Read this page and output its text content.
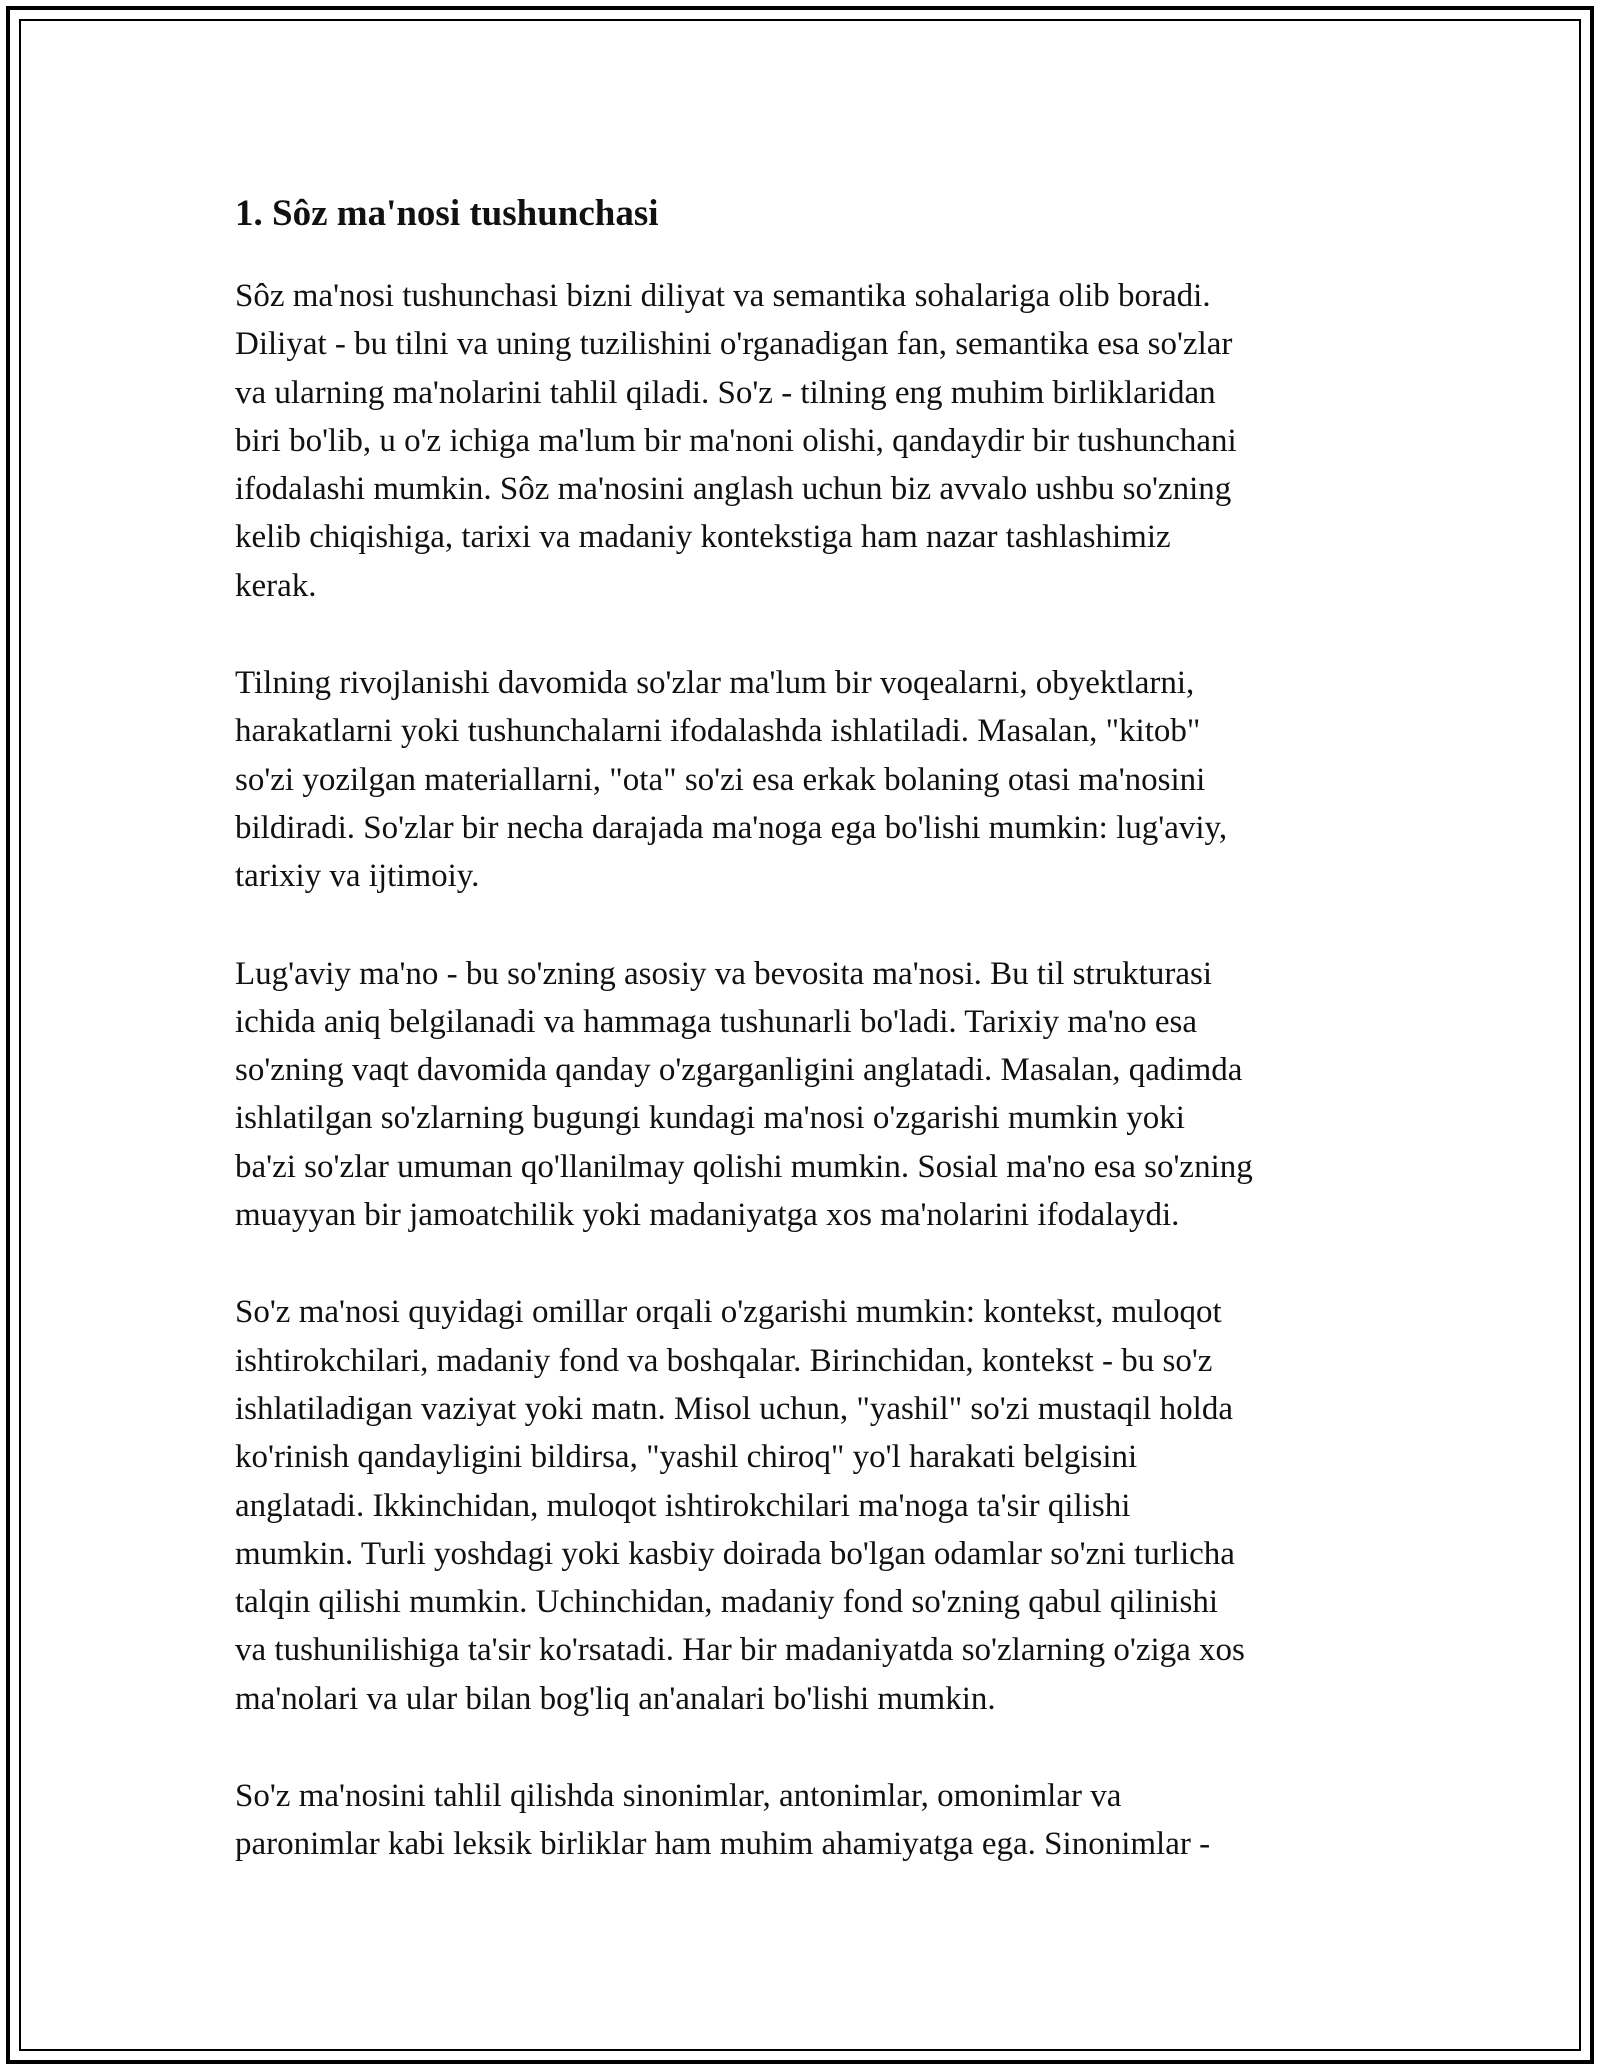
1. Sôz ma'nosi tushunchasi

Sôz ma'nosi tushunchasi bizni diliyat va semantika sohalariga olib boradi.
Diliyat - bu tilni va uning tuzilishini o'rganadigan fan, semantika esa so'zlar
va ularning ma'nolarini tahlil qiladi. So'z - tilning eng muhim birliklaridan
biri bo'lib, u o'z ichiga ma'lum bir ma'noni olishi, qandaydir bir tushunchani
ifodalashi mumkin. Sôz ma'nosini anglash uchun biz avvalo ushbu so'zning
kelib chiqishiga, tarixi va madaniy kontekstiga ham nazar tashlashimiz
kerak.

Tilning rivojlanishi davomida so'zlar ma'lum bir voqealarni, obyektlarni,
harakatlarni yoki tushunchalarni ifodalashda ishlatiladi. Masalan, "kitob"
so'zi yozilgan materiallarni, "ota" so'zi esa erkak bolaning otasi ma'nosini
bildiradi. So'zlar bir necha darajada ma'noga ega bo'lishi mumkin: lug'aviy,
tarixiy va ijtimoiy.

Lug'aviy ma'no - bu so'zning asosiy va bevosita ma'nosi. Bu til strukturasi
ichida aniq belgilanadi va hammaga tushunarli bo'ladi. Tarixiy ma'no esa
so'zning vaqt davomida qanday o'zgarganligini anglatadi. Masalan, qadimda
ishlatilgan so'zlarning bugungi kundagi ma'nosi o'zgarishi mumkin yoki
ba'zi so'zlar umuman qo'llanilmay qolishi mumkin. Sosial ma'no esa so'zning
muayyan bir jamoatchilik yoki madaniyatga xos ma'nolarini ifodalaydi.

So'z ma'nosi quyidagi omillar orqali o'zgarishi mumkin: kontekst, muloqot
ishtirokchilari, madaniy fond va boshqalar. Birinchidan, kontekst - bu so'z
ishlatiladigan vaziyat yoki matn. Misol uchun, "yashil" so'zi mustaqil holda
ko'rinish qandayligini bildirsa, "yashil chiroq" yo'l harakati belgisini
anglatadi. Ikkinchidan, muloqot ishtirokchilari ma'noga ta'sir qilishi
mumkin. Turli yoshdagi yoki kasbiy doirada bo'lgan odamlar so'zni turlicha
talqin qilishi mumkin. Uchinchidan, madaniy fond so'zning qabul qilinishi
va tushunilishiga ta'sir ko'rsatadi. Har bir madaniyatda so'zlarning o'ziga xos
ma'nolari va ular bilan bog'liq an'analari bo'lishi mumkin.

So'z ma'nosini tahlil qilishda sinonimlar, antonimlar, omonimlar va
paronimlar kabi leksik birliklar ham muhim ahamiyatga ega. Sinonimlar -
